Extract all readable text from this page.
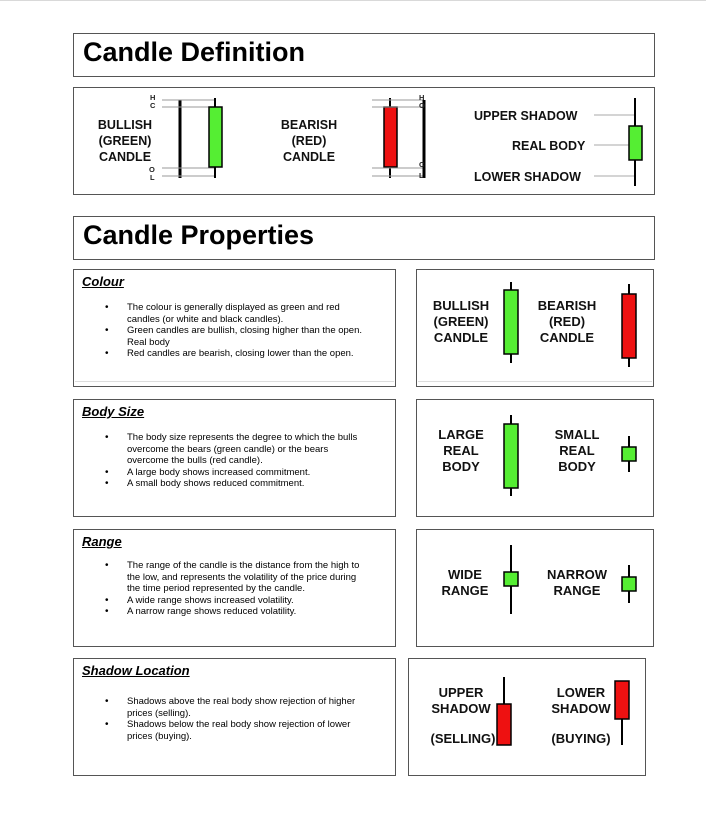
Candle Definition
BULLISH
(GREEN)
CANDLE
H
C
O
L
BEARISH
(RED)
CANDLE
H
O
C
L
UPPER SHADOW
REAL BODY
LOWER SHADOW
Candle Properties
Colour
• The colour is generally displayed as green and red candles (or white and black candles).
• Green candles are bullish, closing higher than the open. Real body
• Red candles are bearish, closing lower than the open.
BULLISH
(GREEN)
CANDLE
BEARISH
(RED)
CANDLE
Body Size
• The body size represents the degree to which the bulls overcome the bears (green candle) or the bears overcome the bulls (red candle).
• A large body shows increased commitment.
• A small body shows reduced commitment.
LARGE
REAL
BODY
SMALL
REAL
BODY
Range
• The range of the candle is the distance from the high to the low, and represents the volatility of the price during the time period represented by the candle.
• A wide range shows increased volatility.
• A narrow range shows reduced volatility.
WIDE
RANGE
NARROW
RANGE
Shadow Location
• Shadows above the real body show rejection of higher prices (selling).
• Shadows below the real body show rejection of lower prices (buying).
UPPER
SHADOW
(SELLING)
LOWER
SHADOW
(BUYING)
